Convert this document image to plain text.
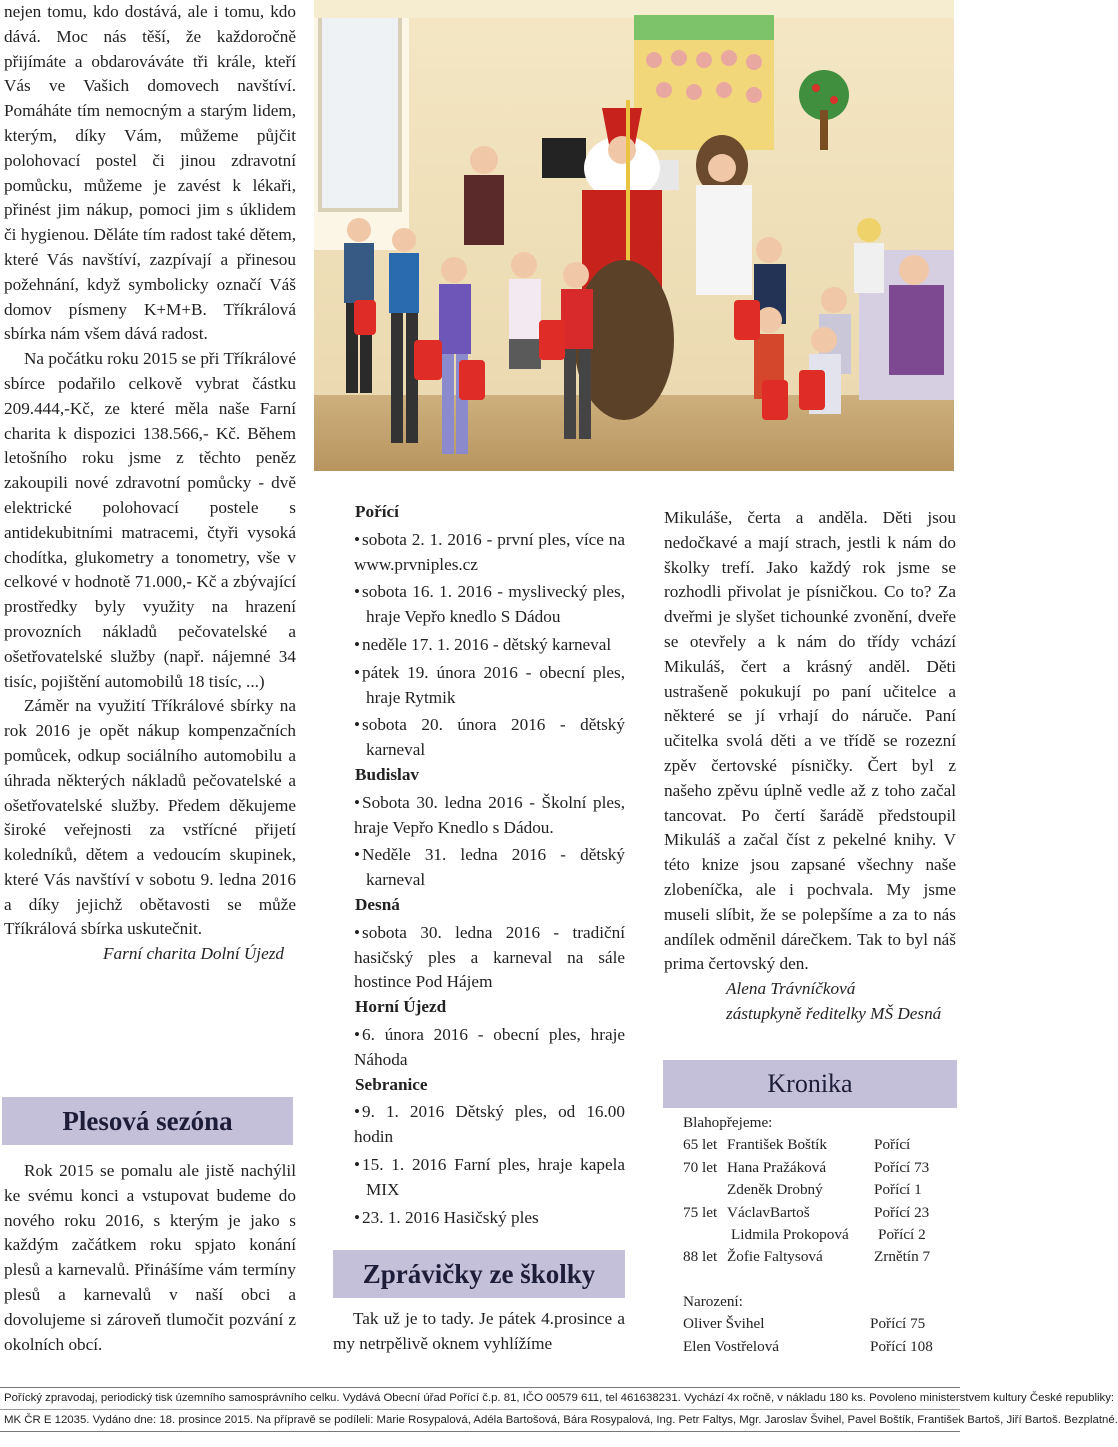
nejen tomu, kdo dostává, ale i tomu, kdo dává. Moc nás těší, že každoročně přijímáte a obdarováváte tři krále, kteří Vás ve Vašich domovech navštíví. Pomáháte tím nemocným a starým lidem, kterým, díky Vám, můžeme půjčit polohovací postel či jinou zdravotní pomůcku, můžeme je zavést k lékaři, přinést jim nákup, pomoci jim s úklidem či hygienou. Děláte tím radost také dětem, které Vás navštíví, zazpívají a přinesou požehnání, když symbolicky označí Váš domov písmeny K+M+B. Tříkrálová sbírka nám všem dává radost.

Na počátku roku 2015 se při Tříkrálové sbírce podařilo celkově vybrat částku 209.444,-Kč, ze které měla naše Farní charita k dispozici 138.566,- Kč. Během letošního roku jsme z těchto peněz zakoupili nové zdravotní pomůcky - dvě elektrické polohovací postele s antidekubitními matracemi, čtyři vysoká chodítka, glukometry a tonometry, vše v celkové v hodnotě 71.000,- Kč a zbývající prostředky byly využity na hrazení provozních nákladů pečovatelské a ošetřovatelské služby (např. nájemné 34 tisíc, pojištění automobilů 18 tisíc, ...)

Záměr na využití Tříkrálové sbírky na rok 2016 je opět nákup kompenzačních pomůcek, odkup sociálního automobilu a úhrada některých nákladů pečovatelské a ošetřovatelské služby. Předem děkujeme široké veřejnosti za vstřícné přijetí koledníků, dětem a vedoucím skupinek, které Vás navštíví v sobotu 9. ledna 2016 a díky jejichž obětavosti se může Tříkrálová sbírka uskutečnit.

Farní charita Dolní Újezd

Plesová sezóna

Rok 2015 se pomalu ale jistě nachýlil ke svému konci a vstupovat budeme do nového roku 2016, s kterým je jako s každým začátkem roku spjato konání plesů a karnevalů. Přinášíme vám termíny plesů a karnevalů v naší obci a dovolujeme si zároveň tlumočit pozvání z okolních obcí.

Pořící

• sobota 2. 1. 2016 - první ples, více na www.prvniples.cz

• sobota 16. 1. 2016 - myslivecký ples, hraje Vepřo knedlo S Dádou

• neděle 17. 1. 2016 - dětský karneval

• pátek 19. února 2016 - obecní ples, hraje Rytmik

• sobota 20. února 2016 - dětský karneval

Budislav

• Sobota 30. ledna 2016 - Školní ples, hraje Vepřo Knedlo s Dádou.

• Neděle 31. ledna 2016 - dětský karneval

Desná

• sobota 30. ledna 2016 - tradiční hasičský ples a karneval na sále hostince Pod Hájem

Horní Újezd

• 6. února 2016 - obecní ples, hraje Náhoda

Sebranice

• 9. 1. 2016 Dětský ples, od 16.00 hodin

• 15. 1. 2016 Farní ples, hraje kapela MIX

• 23. 1. 2016 Hasičský ples

Zprávičky ze školky

Tak už je to tady. Je pátek 4.prosince a my netrpělivě oknem vyhlížíme

Mikuláše, čerta a anděla. Děti jsou nedočkavé a mají strach, jestli k nám do školky trefí. Jako každý rok jsme se rozhodli přivolat je písničkou. Co to? Za dveřmi je slyšet tichounké zvonění, dveře se otevřely a k nám do třídy vchází Mikuláš, čert a krásný anděl. Děti ustrašeně pokukují po paní učitelce a některé se jí vrhají do náruče. Paní učitelka svolá děti a ve třídě se rozezní zpěv čertovské písničky. Čert byl z našeho zpěvu úplně vedle až z toho začal tancovat. Po čertí šarádě předstoupil Mikuláš a začal číst z pekelné knihy. V této knize jsou zapsané všechny naše zlobeníčka, ale i pochvala. My jsme museli slíbit, že se polepšíme a za to nás andílek odměnil dárečkem. Tak to byl náš prima čertovský den.

Alena Trávníčková

zástupkyně ředitelky MŠ Desná

Kronika
Blahopřejeme:
65 let František Boštík	Pořící
70 let Hana Pražáková	Pořící 73
Zdeněk Drobný	Pořící 1
75 let VáclavBartoš	Pořící 23
Lidmila Prokopová	Pořící 2
88 let Žofie Faltysová	Zrnětín 7
Narození:
Oliver Švihel	Pořící 75
Elen Vostřelová	Pořící 108
Pořícký zpravodaj, periodický tisk územního samosprávního celku. Vydává Obecní úřad Pořící č.p. 81, IČO 00579 611, tel 461638231. Vychází 4x ročně, v nákladu 180 ks. Povoleno ministerstvem kultury České republiky:
MK ČR E 12035. Vydáno dne: 18. prosince 2015. Na přípravě se podíleli: Marie Rosypalová, Adéla Bartošová, Bára Rosypalová, Ing. Petr Faltys, Mgr. Jaroslav Švihel, Pavel Boštík, František Bartoš, Jiří Bartoš. Bezplatné.
